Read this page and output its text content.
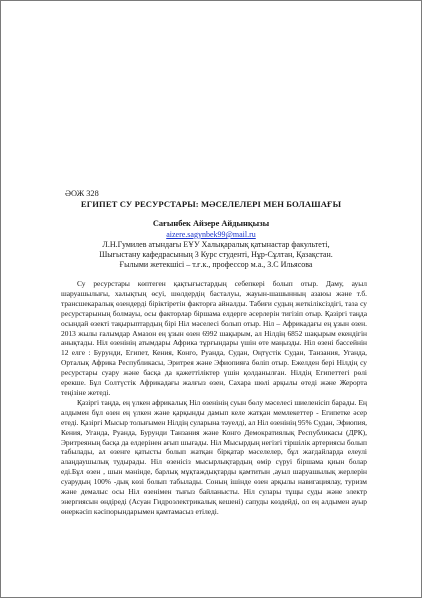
ӘОЖ 328
ЕГИПЕТ СУ РЕСУРСТАРЫ: МӘСЕЛЕЛЕРІ МЕН БОЛАШАҒЫ
Сағынбек Айзере Айдынқызы
aizere.sagynbek99@mail.ru
Л.Н.Гумилев атындағы ЕҰУ Халықаралық қатынастар факультеті,
Шығыстану кафедрасының 3 Курс студенті, Нұр-Сұлтан, Қазақстан.
Ғылыми жетекшісі – т.ғ.к., профессор м.а., З.С Ильясова

Су ресурстары көптеген қақтығыстардың себепкері болып отыр. Даму, ауыл шаруашылығы, халықтың өсуі, шөлдердің басталуы, жауын-шашынның азаюы және т.б. трансшекаралық өзендерді біріктіретін факторға айналды. Табиғи судың жеткіліксіздігі, таза су ресурстарының болмауы, осы факторлар біршама елдерге әсерлерін тигізіп отыр. Қазіргі таңда осындай өзекті тақырыптардың бірі Ніл мәселесі болып отыр. Ніл – Африкадағы ең ұзын өзен. 2013 жылы ғалымдар Амазон ең ұзын өзен 6992 шақырым, ал Нілдің 6852 шақырым екендігін анықтады. Ніл өзенінің атымдары Африка тұрғындары үшін өте маңызды. Ніл өзені бассейнін 12 елге : Бурунди, Египет, Кения, Конго, Руанда, Судан, Оңтүстік Судан, Танзания, Уганда, Орталық Африка Республикасы, Эритрея және Эфиопияға бөліп отыр. Ежелден бері Нілдің су ресурстары суару және басқа да қажеттіліктер үшін қолданылған. Нілдің Египеттегі рөлі ерекше. Бұл Солтүстік Африкадағы жалғыз өзен, Сахара шөлі арқылы өтеді және Жерорта теңізіне жетеді.

Қазіргі таңда, ең үлкен африкалық Ніл өзенінің суын бөлу мәселесі шиеленісіп барады. Ең алдымен бұл өзен ең үлкен және қарқынды дамып келе жатқан мемлекеттер - Египетке әсер етеді. Қазіргі Мысыр толығымен Нілдің суларына тәуелді, ал Ніл өзенінің 95% Судан, Эфиопия, Кения, Уганда, Руанда, Бурунди Танзания және Конго Демократиялық Республикасы (ДРК), Эритреяның басқа да елдерінен ағып шығады. Ніл Мысырдың негізгі тіршілік артериясы болып табылады, ал өзенге қатысты болып жатқан бірқатар мәселелер, бұл жағдайларда елеулі алаңдаушылық тудырады. Ніл өзенісіз мысырлықтардың өмір сүруі біршама қиын болар еді.Бұл өзен , шын мәнінде, барлық мұқтаждықтарды қамтитын ,ауыл шаруашылық жерлерін суарудың 100% -дық көзі болып табылады. Соның ішінде өзен арқылы навигациялау, туризм және демалыс осы Ніл өзенімен тығыз байланысты. Ніл сулары тұщы суды және электр энергиясын өндіреді (Асуан Гидроэлектрикалық кешені) сапуды көздейді, ол ең алдымен ауыр өнеркәсіп кәсіпорындарымен қамтамасыз етіледі.
